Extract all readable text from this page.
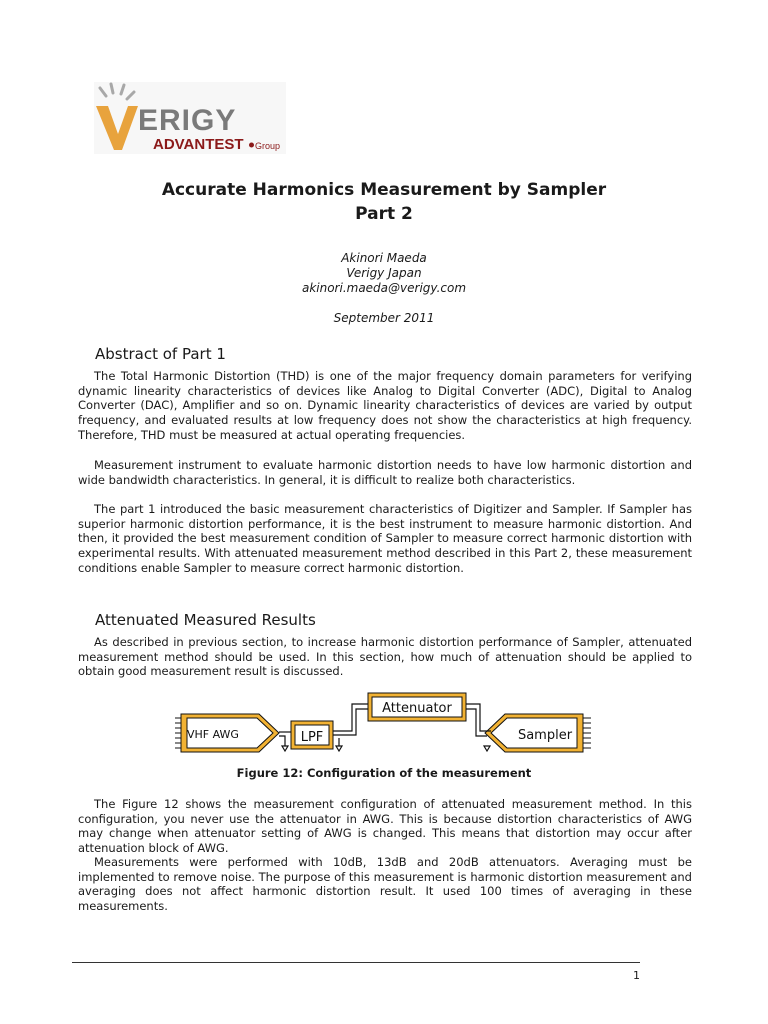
ERIGY
ADVANTEST Group
Accurate Harmonics Measurement by Sampler
Part 2

Akinori Maeda

Verigy Japan

akinori.maeda@verigy.com

September 2011

Abstract of Part 1

The Total Harmonic Distortion (THD) is one of the major frequency domain parameters for verifying dynamic linearity characteristics of devices like Analog to Digital Converter (ADC), Digital to Analog Converter (DAC), Amplifier and so on. Dynamic linearity characteristics of devices are varied by output frequency, and evaluated results at low frequency does not show the characteristics at high frequency. Therefore, THD must be measured at actual operating frequencies.

Measurement instrument to evaluate harmonic distortion needs to have low harmonic distortion and wide bandwidth characteristics. In general, it is difficult to realize both characteristics.

The part 1 introduced the basic measurement characteristics of Digitizer and Sampler. If Sampler has superior harmonic distortion performance, it is the best instrument to measure harmonic distortion. And then, it provided the best measurement condition of Sampler to measure correct harmonic distortion with experimental results. With attenuated measurement method described in this Part 2, these measurement conditions enable Sampler to measure correct harmonic distortion.

Attenuated Measured Results

As described in previous section, to increase harmonic distortion performance of Sampler, attenuated measurement method should be used. In this section, how much of attenuation should be applied to obtain good measurement result is discussed.

VHF AWG	LPF
Attenuator
Sampler

Figure 12: Configuration of the measurement

The Figure 12 shows the measurement configuration of attenuated measurement method. In this configuration, you never use the attenuator in AWG. This is because distortion characteristics of AWG may change when attenuator setting of AWG is changed. This means that distortion may occur after attenuation block of AWG.

Measurements were performed with 10dB, 13dB and 20dB attenuators. Averaging must be implemented to remove noise. The purpose of this measurement is harmonic distortion measurement and averaging does not affect harmonic distortion result. It used 100 times of averaging in these measurements.

1
